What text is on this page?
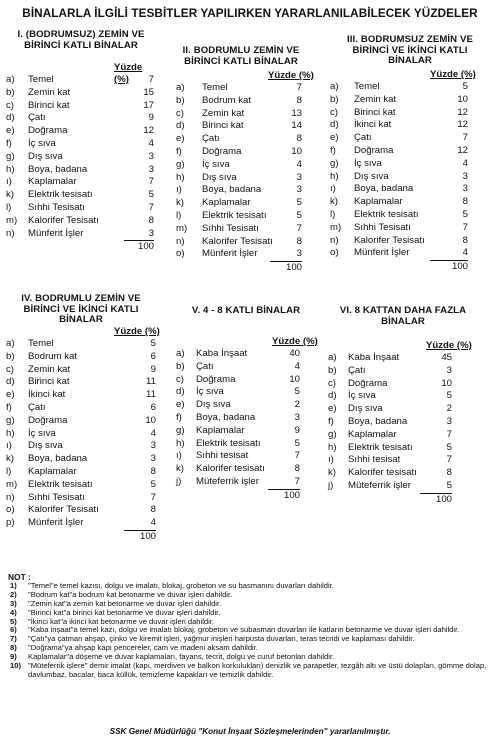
BİNALARLA İLGİLİ TESBİTLER YAPILIRKEN YARARLANILABİLECEK YÜZDELER
I. (BODRUMSUZ) ZEMİN VE BİRİNCİ KATLI BİNALAR
Yüzde (%)
a) Temel	7
b) Zemin kat	15
c) Birinci kat	17
d) Çatı	9
e) Doğrama	12
f) İç sıva	4
g) Dış sıva	3
h) Boya, badana	3
ı) Kaplamalar	7
k) Elektrik tesisatı	5
l) Sıhhi Tesisatı	7
m) Kalorifer Tesisatı	8
n) Münferit İşler	3
100
II. BODRUMLU ZEMİN VE BİRİNCİ KATLI BİNALAR
Yüzde (%)
a) Temel	7
b) Bodrum kat	8
c) Zemin kat	13
d) Birinci kat	14
e) Çatı	8
f) Doğrama	10
g) İç sıva	4
h) Dış sıva	3
ı) Boya, badana	3
k) Kaplamalar	5
l) Elektrik tesisatı	5
m) Sıhhi Tesisatı	7
n) Kalorifer Tesisatı	8
o) Münferit İşler	3
100
III. BODRUMSUZ ZEMİN VE BİRİNCİ VE İKİNCİ KATLI BİNALAR
Yüzde (%)
a) Temel	5
b) Zemin kat	10
c) Birinci kat	12
d) İkinci kat	12
e) Çatı	7
f) Doğrama	12
g) İç sıva	4
h) Dış sıva	3
ı) Boya, badana	3
k) Kaplamalar	8
l) Elektrik tesisatı	5
m) Sıhhi Tesisatı	7
n) Kalorifer Tesisatı	8
o) Münferit İşler	4
100
IV. BODRUMLU ZEMİN VE BİRİNCİ VE İKİNCİ KATLI BİNALAR
Yüzde (%)
a) Temel	5
b) Bodrum kat	6
c) Zemin kat	9
d) Birinci kat	11
e) İkinci kat	11
f) Çatı	6
g) Doğrama	10
h) İç sıva	4
ı) Dış sıva	3
k) Boya, badana	3
l) Kaplamalar	8
m) Elektrik tesisatı	5
n) Sıhhi Tesisatı	7
o) Kalorifer Tesisatı	8
p) Münferit İşler	4
100
V. 4 - 8 KATLI BİNALAR
Yüzde (%)
a) Kaba İnşaat	40
b) Çatı	4
c) Doğrama	10
d) İç sıva	5
e) Dış sıva	2
f) Boya, badana	3
g) Kaplamalar	9
h) Elektrik tesisatı	5
ı) Sıhhi tesisat	7
k) Kalorifer tesisatı	8
j) Müteferrik işler	7
100
VI. 8 KATTAN DAHA FAZLA BİNALAR
Yüzde (%)
a) Kaba İnşaat	45
b) Çatı	3
c) Doğrama	10
d) İç sıva	5
e) Dış sıva	2
f) Boya, badana	3
g) Kaplamalar	7
h) Elektrik tesisatı	5
ı) Sıhhi tesisat	7
k) Kalorifer tesisatı	8
j) Müteferrik işler	5
100
NOT :
1) "Temel"e temel kazısı, dolgu ve imalatı, blokaj, grobeton ve su basmanını duvarları dahildir.
2) "Bodrum kat"a bodrum kat betonarme ve duvar işleri dahildir.
3) "Zemin kat"a zemin kat betonarme ve duvar işleri dahildir.
4) "Birinci kat"a birinci kat betonarme ve duvar işleri dahildir.
5) "İkinci kat"a ikinci kat betonarme ve duvar işleri dahildir.
6) "Kaba inşaat"a temel kazı, dolgu ve imalatı blokaj, grobeton ve subasman duvarları ile katların betonarme ve duvar işleri dahildir.
7) "Çatı"ya çatman ahşap, çinko ve kiremit işleri, yağmur inişleri harpusta duvarları, teras tecridi ve kaplaması dahildir.
8) "Doğrama"ya ahşap kapı pencereler, cam ve madeni aksam dahildir.
9) Kaplamalar"a döşeme ve duvar kaplamaları, fayans, tecrit, dolgu ve curuf betonları dahildir.
10) "Müteferrik işlere" demir imalat (kapı, merdiven ve balkon korkulukları) denizlik ve parapetler, tezgâh altı ve üstü dolapları, gömme dolap, davlumbaz, bacalar, baca küllük, temizleme kapakları ve temizlik dahildir.
SSK Genel Müdürlüğü "Konut İnşaat Sözleşmelerinden" yararlanılmıştır.
